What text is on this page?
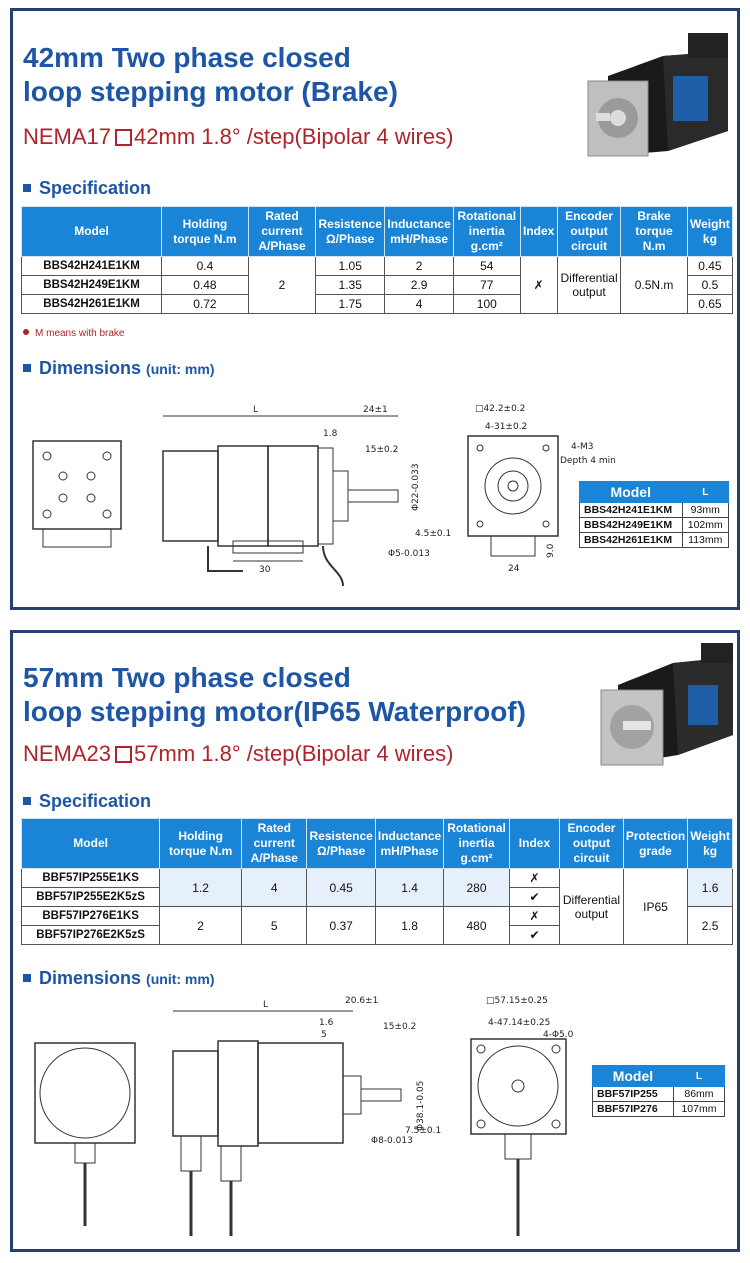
42mm Two phase closed
loop stepping motor (Brake)
NEMA17 42mm 1.8° /step(Bipolar 4 wires)
Specification
Model	Holding torque N.m	Rated current A/Phase	Resistence Ω/Phase	Inductance mH/Phase	Rotational inertia g.cm²	Index	Encoder output circuit	Brake torque N.m	Weight kg
BBS42H241E1KM	0.4	2	1.05	2	54	✗	Differential output	0.5N.m	0.45
BBS42H249E1KM	0.48		1.35	2.9	77				0.5
BBS42H261E1KM	0.72		1.75	4	100				0.65
M means with brake
Dimensions (unit: mm)
L	24±1
1.8
15±0.2
Φ22-0.033
4.5±0.1
Φ5-0.013
30
□42.2±0.2
4-31±0.2
4-M3
Depth 4 min
9.0
24
Model	L
BBS42H241E1KM	93mm
BBS42H249E1KM	102mm
BBS42H261E1KM	113mm
57mm Two phase closed
loop stepping motor(IP65 Waterproof)
NEMA23 57mm 1.8° /step(Bipolar 4 wires)
Specification
Model	Holding torque N.m	Rated current A/Phase	Resistence Ω/Phase	Inductance mH/Phase	Rotational inertia g.cm²	Index	Encoder output circuit	Protection grade	Weight kg
BBF57IP255E1KS	1.2	4	0.45	1.4	280	✗	Differential output	IP65	1.6
BBF57IP255E2K5zS						✔			
BBF57IP276E1KS	2	5	0.37	1.8	480	✗			2.5
BBF57IP276E2K5zS						✔			
Dimensions (unit: mm)
L	20.6±1
1.6
5
15±0.2
Φ38.1-0.05
Φ8-0.013
7.5±0.1
□57.15±0.25
4-47.14±0.25
4-Φ5.0
Model	L
BBF57IP255	86mm
BBF57IP276	107mm
